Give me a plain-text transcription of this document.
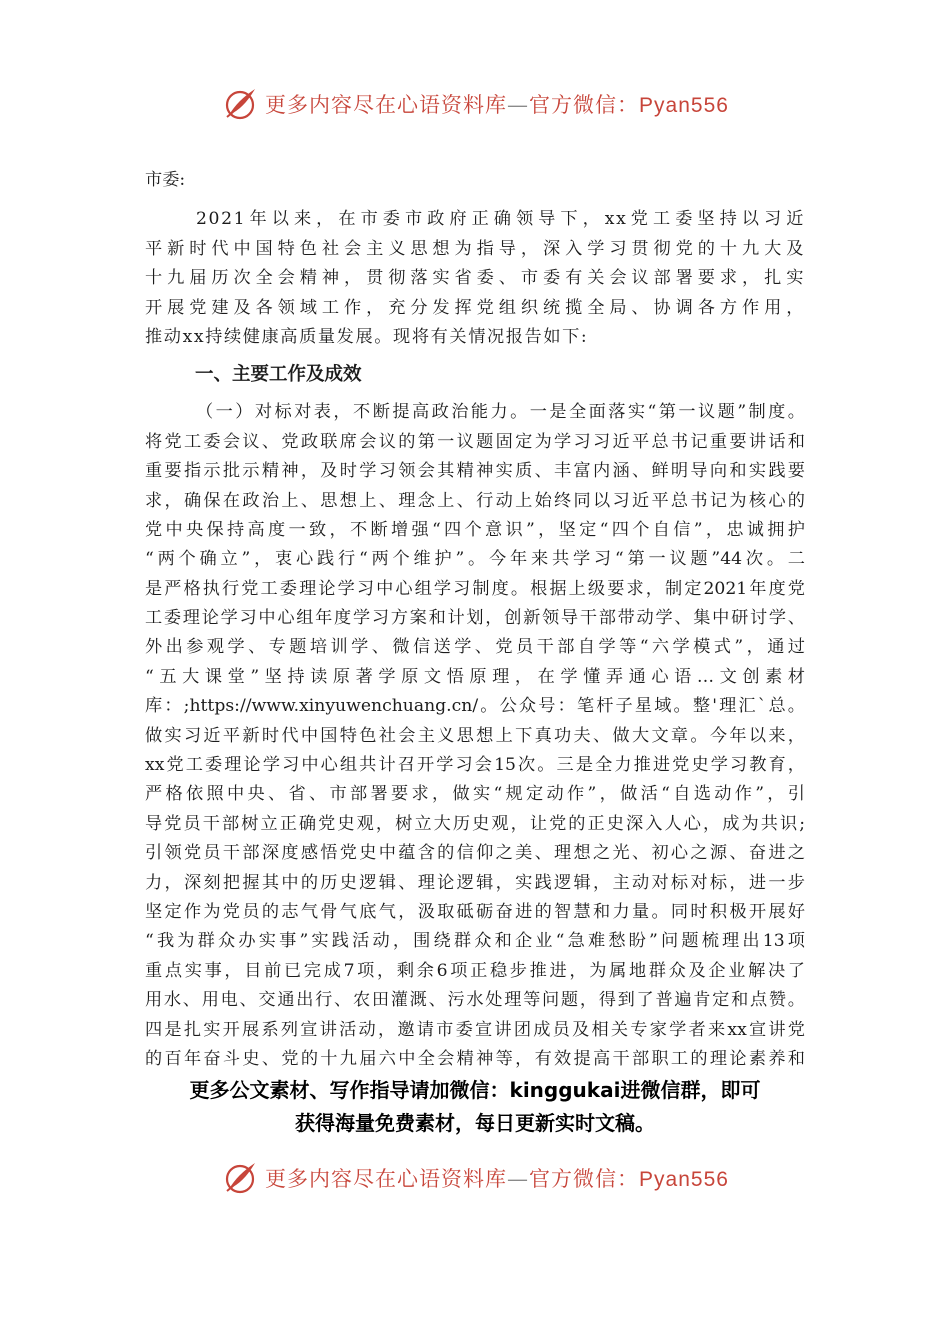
更多内容尽在心语资料库—官方微信：Pyan556
市委:
2021年以来，在市委市政府正确领导下，xx党工委坚持以习近
平新时代中国特色社会主义思想为指导，深入学习贯彻党的十九大及
十九届历次全会精神，贯彻落实省委、市委有关会议部署要求，扎实
开展党建及各领域工作，充分发挥党组织统揽全局、协调各方作用，
推动xx持续健康高质量发展。现将有关情况报告如下:
一、主要工作及成效
（一）对标对表，不断提高政治能力。一是全面落实“第一议题”制度。
将党工委会议、党政联席会议的第一议题固定为学习习近平总书记重要讲话和
重要指示批示精神，及时学习领会其精神实质、丰富内涵、鲜明导向和实践要
求，确保在政治上、思想上、理念上、行动上始终同以习近平总书记为核心的
党中央保持高度一致，不断增强“四个意识”，坚定“四个自信”，忠诚拥护
“两个确立”，衷心践行“两个维护”。今年来共学习“第一议题”44次。二
是严格执行党工委理论学习中心组学习制度。根据上级要求，制定2021年度党
工委理论学习中心组年度学习方案和计划，创新领导干部带动学、集中研讨学、
外出参观学、专题培训学、微信送学、党员干部自学等“六学模式”，通过
“五大课堂”坚持读原著学原文悟原理，在学懂弄通心语…文创素材
库：;https://www.xinyuwenchuang.cn/。公众号：笔杆子星域。整'理汇`总。
做实习近平新时代中国特色社会主义思想上下真功夫、做大文章。今年以来，
xx党工委理论学习中心组共计召开学习会15次。三是全力推进党史学习教育，
严格依照中央、省、市部署要求，做实“规定动作”，做活“自选动作”，引
导党员干部树立正确党史观，树立大历史观，让党的正史深入人心，成为共识;
引领党员干部深度感悟党史中蕴含的信仰之美、理想之光、初心之源、奋进之
力，深刻把握其中的历史逻辑、理论逻辑，实践逻辑，主动对标对标，进一步
坚定作为党员的志气骨气底气，汲取砥砺奋进的智慧和力量。同时积极开展好
“我为群众办实事”实践活动，围绕群众和企业“急难愁盼”问题梳理出13项
重点实事，目前已完成7项，剩余6项正稳步推进，为属地群众及企业解决了
用水、用电、交通出行、农田灌溉、污水处理等问题，得到了普遍肯定和点赞。
四是扎实开展系列宣讲活动，邀请市委宣讲团成员及相关专家学者来xx宣讲党
的百年奋斗史、党的十九届六中全会精神等，有效提高干部职工的理论素养和
更多公文素材、写作指导请加微信：kinggukai进微信群，即可
获得海量免费素材，每日更新实时文稿。
更多内容尽在心语资料库—官方微信：Pyan556
